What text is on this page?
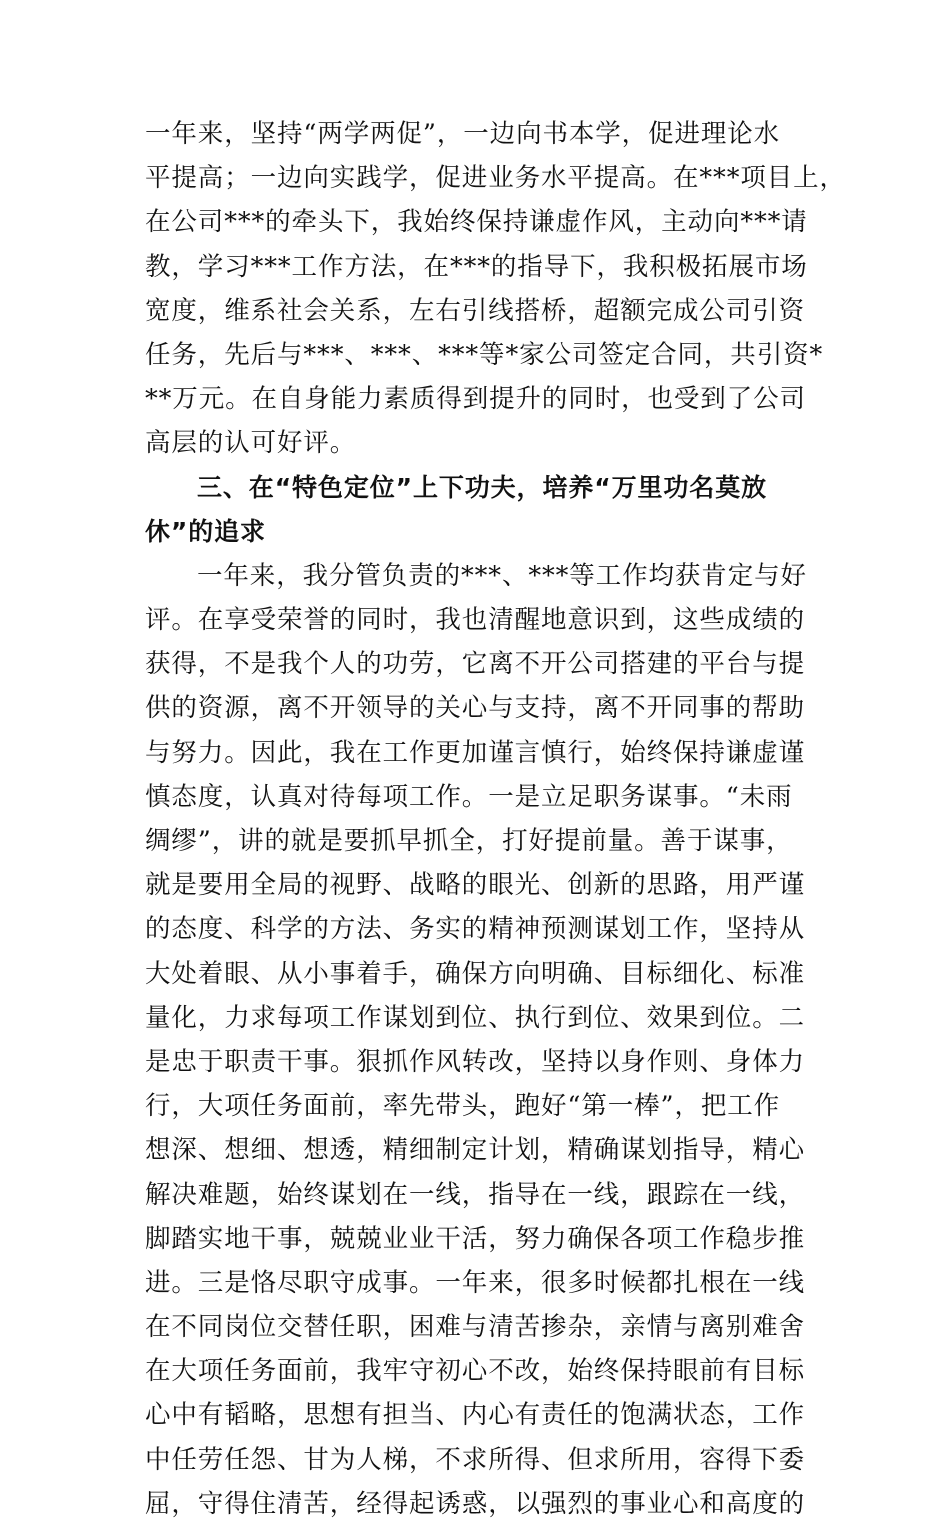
一年来，坚持“两学两促”，一边向书本学，促进理论水
平提高；一边向实践学，促进业务水平提高。在***项目上，
在公司***的牵头下，我始终保持谦虚作风，主动向***请
教，学习***工作方法，在***的指导下，我积极拓展市场
宽度，维系社会关系，左右引线搭桥，超额完成公司引资
任务，先后与***、***、***等*家公司签定合同，共引资*
**万元。在自身能力素质得到提升的同时，也受到了公司
高层的认可好评。
三、在“特色定位”上下功夫，培养“万里功名莫放
休”的追求
一年来，我分管负责的***、***等工作均获肯定与好
评。在享受荣誉的同时，我也清醒地意识到，这些成绩的
获得，不是我个人的功劳，它离不开公司搭建的平台与提
供的资源，离不开领导的关心与支持，离不开同事的帮助
与努力。因此，我在工作更加谨言慎行，始终保持谦虚谨
慎态度，认真对待每项工作。一是立足职务谋事。“未雨
绸缪”，讲的就是要抓早抓全，打好提前量。善于谋事，
就是要用全局的视野、战略的眼光、创新的思路，用严谨
的态度、科学的方法、务实的精神预测谋划工作，坚持从
大处着眼、从小事着手，确保方向明确、目标细化、标准
量化，力求每项工作谋划到位、执行到位、效果到位。二
是忠于职责干事。狠抓作风转改，坚持以身作则、身体力
行，大项任务面前，率先带头，跑好“第一棒”，把工作
想深、想细、想透，精细制定计划，精确谋划指导，精心
解决难题，始终谋划在一线，指导在一线，跟踪在一线，
脚踏实地干事，兢兢业业干活，努力确保各项工作稳步推
进。三是恪尽职守成事。一年来，很多时候都扎根在一线
在不同岗位交替任职，困难与清苦掺杂，亲情与离别难舍
在大项任务面前，我牢守初心不改，始终保持眼前有目标
心中有韬略，思想有担当、内心有责任的饱满状态，工作
中任劳任怨、甘为人梯，不求所得、但求所用，容得下委
屈，守得住清苦，经得起诱惑，以强烈的事业心和高度的
